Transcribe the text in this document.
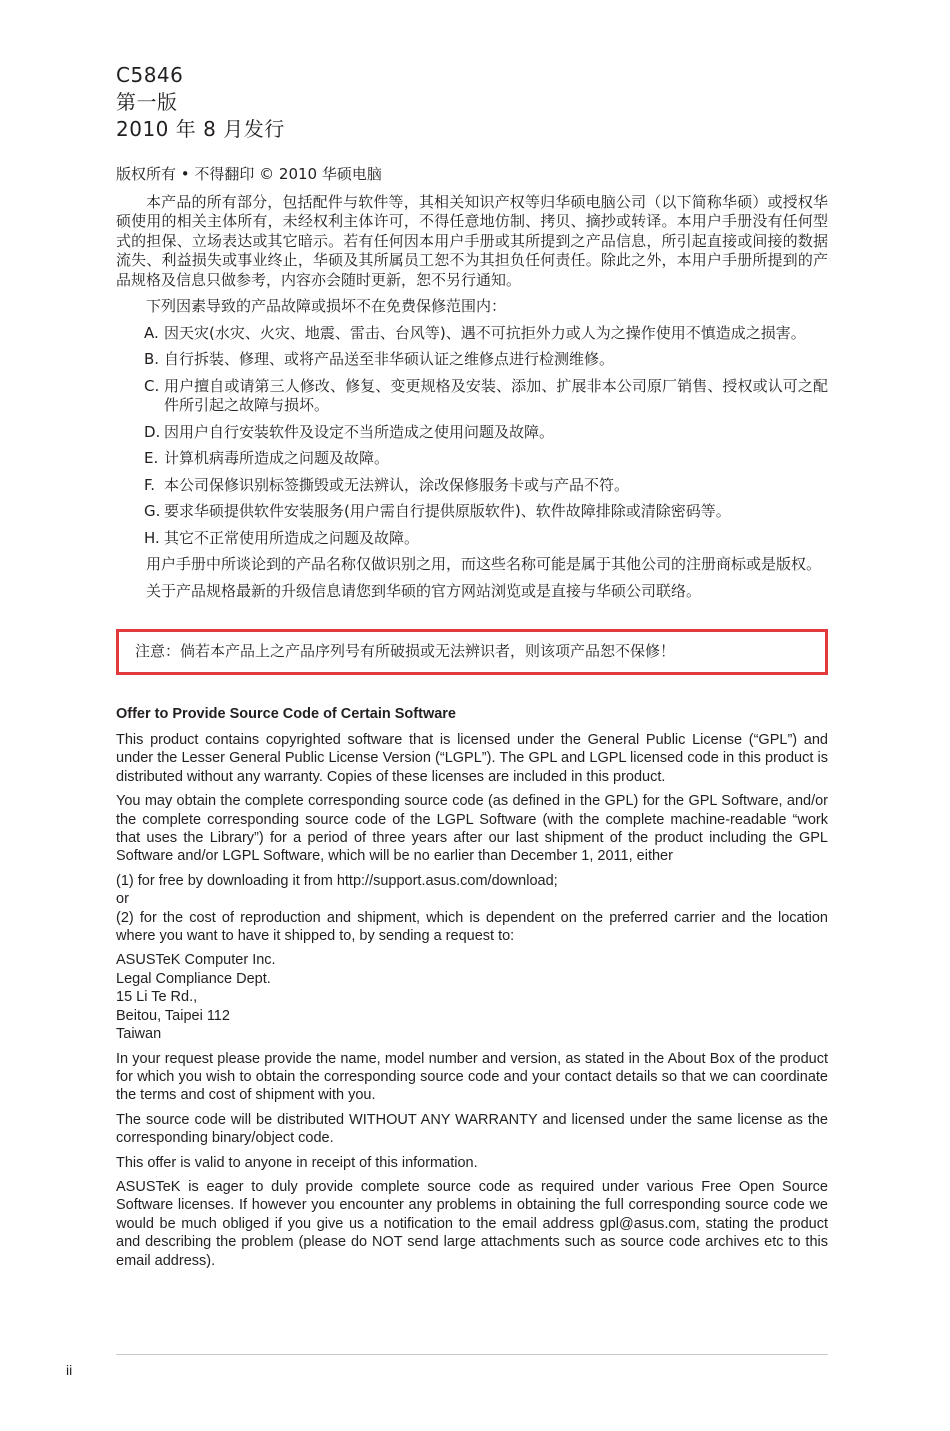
C5846
第一版
2010 年 8 月发行
版权所有 • 不得翻印 © 2010 华硕电脑

本产品的所有部分，包括配件与软件等，其相关知识产权等归华硕电脑公司（以下简称华硕）或授权华硕使用的相关主体所有，未经权利主体许可，不得任意地仿制、拷贝、摘抄或转译。本用户手册没有任何型式的担保、立场表达或其它暗示。若有任何因本用户手册或其所提到之产品信息，所引起直接或间接的数据流失、利益损失或事业终止，华硕及其所属员工恕不为其担负任何责任。除此之外，本用户手册所提到的产品规格及信息只做参考，内容亦会随时更新，恕不另行通知。

下列因素导致的产品故障或损坏不在免费保修范围内：

A. 因天灾(水灾、火灾、地震、雷击、台风等)、遇不可抗拒外力或人为之操作使用不慎造成之损害。
B. 自行拆装、修理、或将产品送至非华硕认证之维修点进行检测维修。
C. 用户擅自或请第三人修改、修复、变更规格及安装、添加、扩展非本公司原厂销售、授权或认可之配件所引起之故障与损坏。
D. 因用户自行安装软件及设定不当所造成之使用问题及故障。
E. 计算机病毒所造成之问题及故障。
F. 本公司保修识别标签撕毁或无法辨认，涂改保修服务卡或与产品不符。
G. 要求华硕提供软件安装服务(用户需自行提供原版软件)、软件故障排除或清除密码等。
H. 其它不正常使用所造成之问题及故障。

用户手册中所谈论到的产品名称仅做识别之用，而这些名称可能是属于其他公司的注册商标或是版权。

关于产品规格最新的升级信息请您到华硕的官方网站浏览或是直接与华硕公司联络。

注意：倘若本产品上之产品序列号有所破损或无法辨识者，则该项产品恕不保修！
Offer to Provide Source Code of Certain Software

This product contains copyrighted software that is licensed under the General Public License (“GPL”) and under the Lesser General Public License Version (“LGPL”). The GPL and LGPL licensed code in this product is distributed without any warranty. Copies of these licenses are included in this product.

You may obtain the complete corresponding source code (as defined in the GPL) for the GPL Software, and/or the complete corresponding source code of the LGPL Software (with the complete machine-readable “work that uses the Library”) for a period of three years after our last shipment of the product including the GPL Software and/or LGPL Software, which will be no earlier than December 1, 2011, either

(1) for free by downloading it from http://support.asus.com/download;
or
(2) for the cost of reproduction and shipment, which is dependent on the preferred carrier and the location where you want to have it shipped to, by sending a request to:
ASUSTeK Computer Inc.
Legal Compliance Dept.
15 Li Te Rd.,
Beitou, Taipei 112
Taiwan

In your request please provide the name, model number and version, as stated in the About Box of the product for which you wish to obtain the corresponding source code and your contact details so that we can coordinate the terms and cost of shipment with you.

The source code will be distributed WITHOUT ANY WARRANTY and licensed under the same license as the corresponding binary/object code.

This offer is valid to anyone in receipt of this information.

ASUSTeK is eager to duly provide complete source code as required under various Free Open Source Software licenses. If however you encounter any problems in obtaining the full corresponding source code we would be much obliged if you give us a notification to the email address gpl@asus.com, stating the product and describing the problem (please do NOT send large attachments such as source code archives etc to this email address).

ii
